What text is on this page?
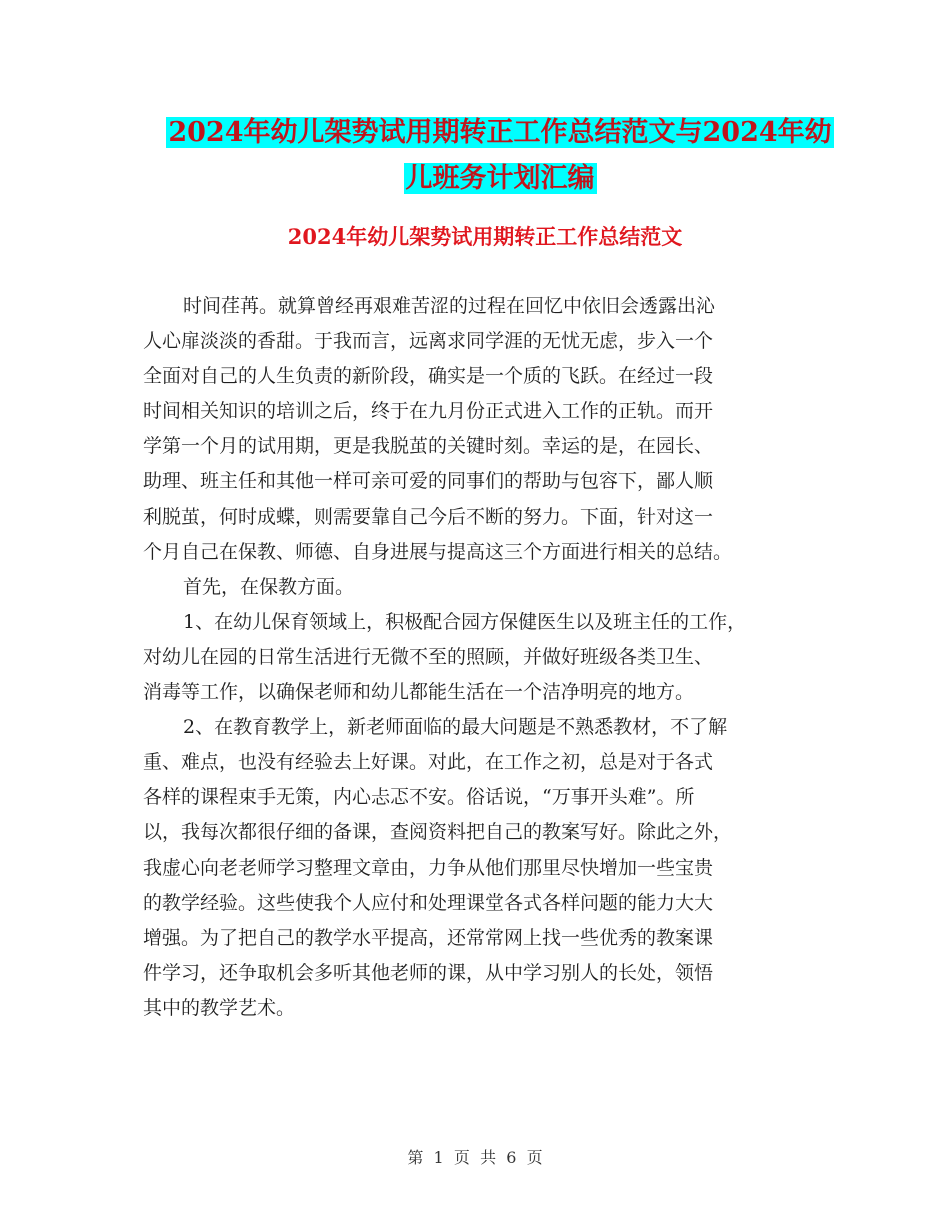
2024年幼儿架势试用期转正工作总结范文与2024年幼
儿班务计划汇编
2024年幼儿架势试用期转正工作总结范文
时间荏苒。就算曾经再艰难苦涩的过程在回忆中依旧会透露出沁
人心扉淡淡的香甜。于我而言，远离求同学涯的无忧无虑，步入一个
全面对自己的人生负责的新阶段，确实是一个质的飞跃。在经过一段
时间相关知识的培训之后，终于在九月份正式进入工作的正轨。而开
学第一个月的试用期，更是我脱茧的关键时刻。幸运的是，在园长、
助理、班主任和其他一样可亲可爱的同事们的帮助与包容下，鄙人顺
利脱茧，何时成蝶，则需要靠自己今后不断的努力。下面，针对这一
个月自己在保教、师德、自身进展与提高这三个方面进行相关的总结。
首先，在保教方面。
1、在幼儿保育领域上，积极配合园方保健医生以及班主任的工作，
对幼儿在园的日常生活进行无微不至的照顾，并做好班级各类卫生、
消毒等工作，以确保老师和幼儿都能生活在一个洁净明亮的地方。
2、在教育教学上，新老师面临的最大问题是不熟悉教材，不了解
重、难点，也没有经验去上好课。对此，在工作之初，总是对于各式
各样的课程束手无策，内心忐忑不安。俗话说，“万事开头难”。所
以，我每次都很仔细的备课，查阅资料把自己的教案写好。除此之外，
我虚心向老老师学习整理文章由，力争从他们那里尽快增加一些宝贵
的教学经验。这些使我个人应付和处理课堂各式各样问题的能力大大
增强。为了把自己的教学水平提高，还常常网上找一些优秀的教案课
件学习，还争取机会多听其他老师的课，从中学习别人的长处，领悟
其中的教学艺术。
第  1  页  共  6  页
